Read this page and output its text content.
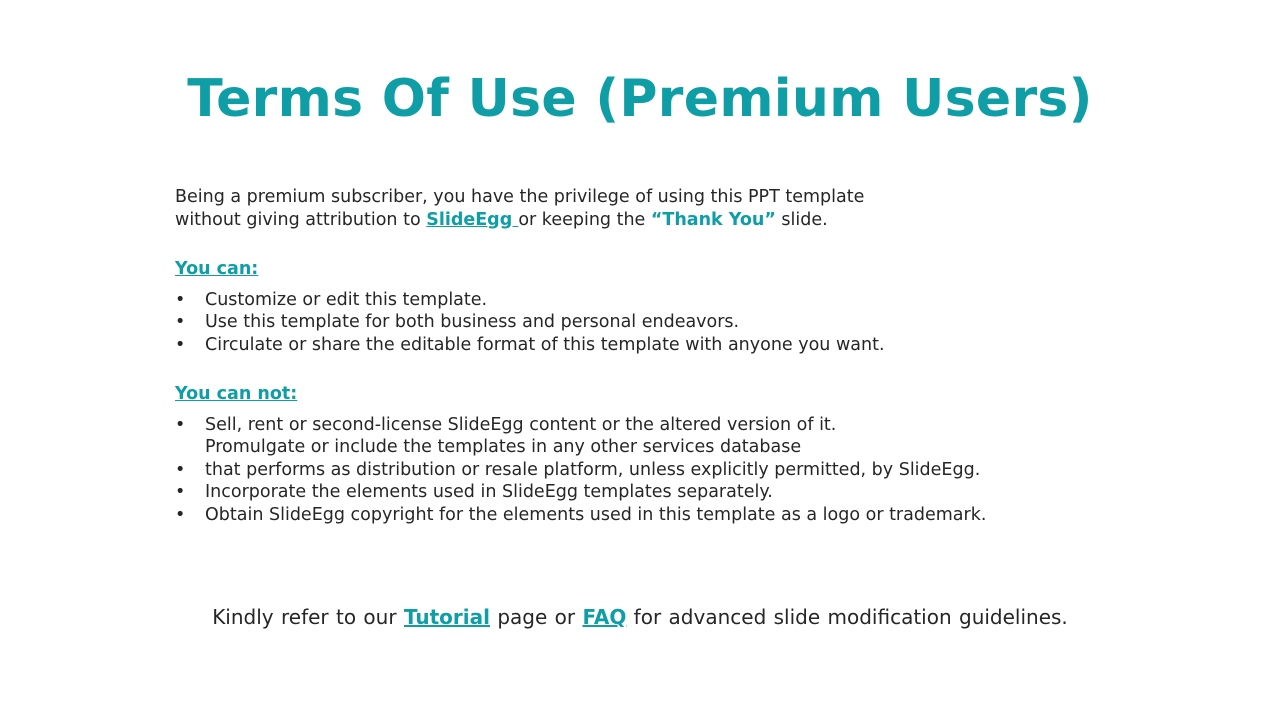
Terms Of Use (Premium Users)

Being a premium subscriber, you have the privilege of using this PPT template

without giving attribution to SlideEgg or keeping the “Thank You” slide.

You can:

• Customize or edit this template.
• Use this template for both business and personal endeavors.
• Circulate or share the editable format of this template with anyone you want.

You can not:

• Sell, rent or second-license SlideEgg content or the altered version of it.
Promulgate or include the templates in any other services database
• that performs as distribution or resale platform, unless explicitly permitted, by SlideEgg.
• Incorporate the elements used in SlideEgg templates separately.
• Obtain SlideEgg copyright for the elements used in this template as a logo or trademark.
Kindly refer to our Tutorial page or FAQ for advanced slide modification guidelines.
